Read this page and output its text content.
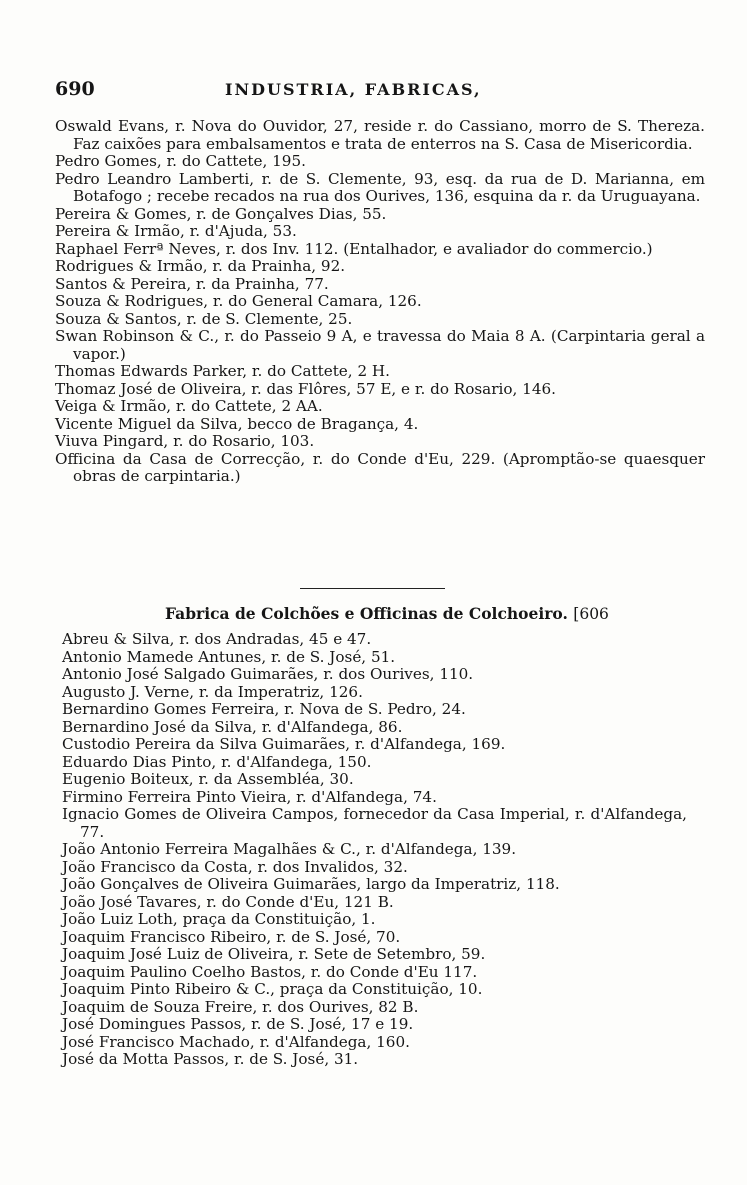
690	INDUSTRIA, FABRICAS,
Oswald Evans, r. Nova do Ouvidor, 27, reside r. do Cassiano, morro de S. Thereza. Faz caixões para embalsamentos e trata de enterros na S. Casa de Misericordia.
Pedro Gomes, r. do Cattete, 195.
Pedro Leandro Lamberti, r. de S. Clemente, 93, esq. da rua de D. Marianna, em Botafogo ; recebe recados na rua dos Ourives, 136, esquina da r. da Uruguayana.
Pereira & Gomes, r. de Gonçalves Dias, 55.
Pereira & Irmão, r. d'Ajuda, 53.
Raphael Ferrª Neves, r. dos Inv. 112. (Entalhador, e avaliador do commercio.)
Rodrigues & Irmão, r. da Prainha, 92.
Santos & Pereira, r. da Prainha, 77.
Souza & Rodrigues, r. do General Camara, 126.
Souza & Santos, r. de S. Clemente, 25.
Swan Robinson & C., r. do Passeio 9 A, e travessa do Maia 8 A. (Carpintaria geral a vapor.)
Thomas Edwards Parker, r. do Cattete, 2 H.
Thomaz José de Oliveira, r. das Flôres, 57 E, e r. do Rosario, 146.
Veiga & Irmão, r. do Cattete, 2 AA.
Vicente Miguel da Silva, becco de Bragança, 4.
Viuva Pingard, r. do Rosario, 103.
Officina da Casa de Correcção, r. do Conde d'Eu, 229. (Apromptão-se quaesquer obras de carpintaria.)
Fabrica de Colchões e Officinas de Colchoeiro. [606
Abreu & Silva, r. dos Andradas, 45 e 47.
Antonio Mamede Antunes, r. de S. José, 51.
Antonio José Salgado Guimarães, r. dos Ourives, 110.
Augusto J. Verne, r. da Imperatriz, 126.
Bernardino Gomes Ferreira, r. Nova de S. Pedro, 24.
Bernardino José da Silva, r. d'Alfandega, 86.
Custodio Pereira da Silva Guimarães, r. d'Alfandega, 169.
Eduardo Dias Pinto, r. d'Alfandega, 150.
Eugenio Boiteux, r. da Assembléa, 30.
Firmino Ferreira Pinto Vieira, r. d'Alfandega, 74.
Ignacio Gomes de Oliveira Campos, fornecedor da Casa Imperial, r. d'Alfandega, 77.
João Antonio Ferreira Magalhães & C., r. d'Alfandega, 139.
João Francisco da Costa, r. dos Invalidos, 32.
João Gonçalves de Oliveira Guimarães, largo da Imperatriz, 118.
João José Tavares, r. do Conde d'Eu, 121 B.
João Luiz Loth, praça da Constituição, 1.
Joaquim Francisco Ribeiro, r. de S. José, 70.
Joaquim José Luiz de Oliveira, r. Sete de Setembro, 59.
Joaquim Paulino Coelho Bastos, r. do Conde d'Eu 117.
Joaquim Pinto Ribeiro & C., praça da Constituição, 10.
Joaquim de Souza Freire, r. dos Ourives, 82 B.
José Domingues Passos, r. de S. José, 17 e 19.
José Francisco Machado, r. d'Alfandega, 160.
José da Motta Passos, r. de S. José, 31.
